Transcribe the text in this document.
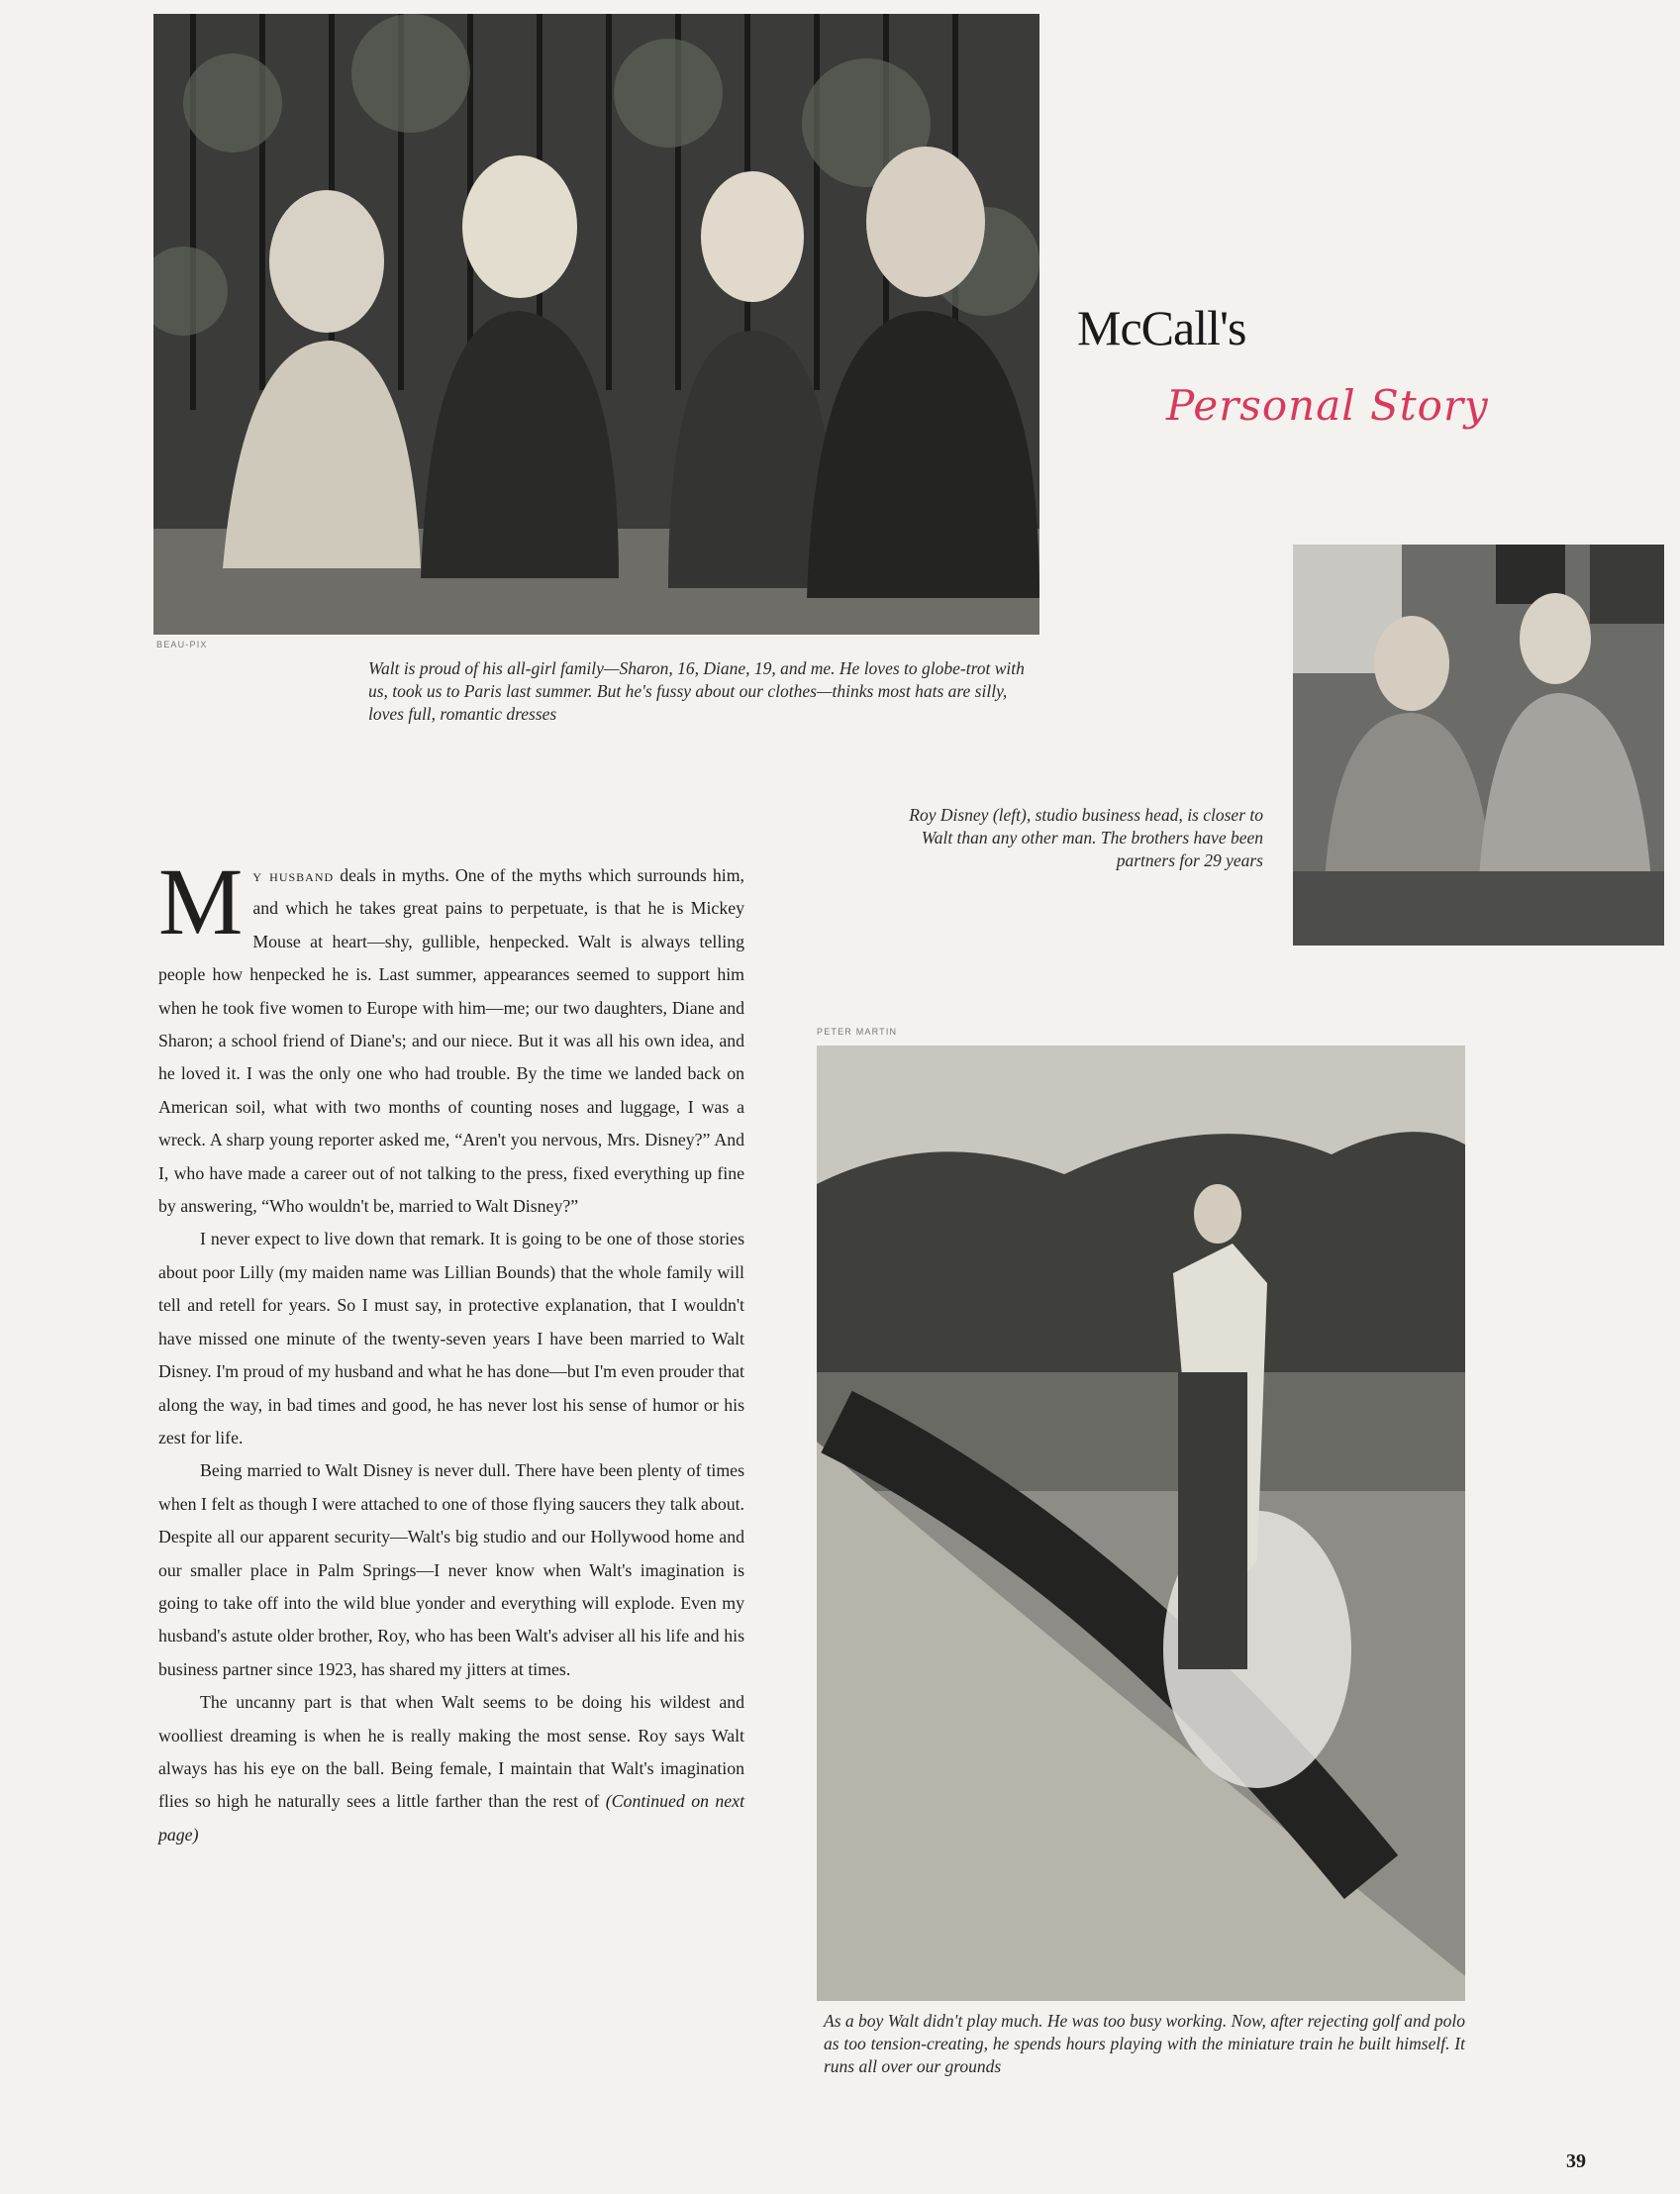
BEAU-PIX
Walt is proud of his all-girl family—Sharon, 16, Diane, 19, and me. He loves to globe-trot with us, took us to Paris last summer. But he's fussy about our clothes—thinks most hats are silly, loves full, romantic dresses
McCall's
Personal Story
Roy Disney (left), studio business head, is closer to Walt than any other man. The brothers have been partners for 29 years
PETER MARTIN
As a boy Walt didn't play much. He was too busy working. Now, after rejecting golf and polo as too tension-creating, he spends hours playing with the miniature train he built himself. It runs all over our grounds

My husband deals in myths. One of the myths which surrounds him, and which he takes great pains to perpetuate, is that he is Mickey Mouse at heart—shy, gullible, henpecked. Walt is always telling people how henpecked he is. Last summer, appearances seemed to support him when he took five women to Europe with him—me; our two daughters, Diane and Sharon; a school friend of Diane's; and our niece. But it was all his own idea, and he loved it. I was the only one who had trouble. By the time we landed back on American soil, what with two months of counting noses and luggage, I was a wreck. A sharp young reporter asked me, “Aren't you nervous, Mrs. Disney?” And I, who have made a career out of not talking to the press, fixed everything up fine by answering, “Who wouldn't be, married to Walt Disney?”

I never expect to live down that remark. It is going to be one of those stories about poor Lilly (my maiden name was Lillian Bounds) that the whole family will tell and retell for years. So I must say, in protective explanation, that I wouldn't have missed one minute of the twenty-seven years I have been married to Walt Disney. I'm proud of my husband and what he has done—but I'm even prouder that along the way, in bad times and good, he has never lost his sense of humor or his zest for life.

Being married to Walt Disney is never dull. There have been plenty of times when I felt as though I were attached to one of those flying saucers they talk about. Despite all our apparent security—Walt's big studio and our Hollywood home and our smaller place in Palm Springs—I never know when Walt's imagination is going to take off into the wild blue yonder and everything will explode. Even my husband's astute older brother, Roy, who has been Walt's adviser all his life and his business partner since 1923, has shared my jitters at times.

The uncanny part is that when Walt seems to be doing his wildest and woolliest dreaming is when he is really making the most sense. Roy says Walt always has his eye on the ball. Being female, I maintain that Walt's imagination flies so high he naturally sees a little farther than the rest of (Continued on next page)

39
